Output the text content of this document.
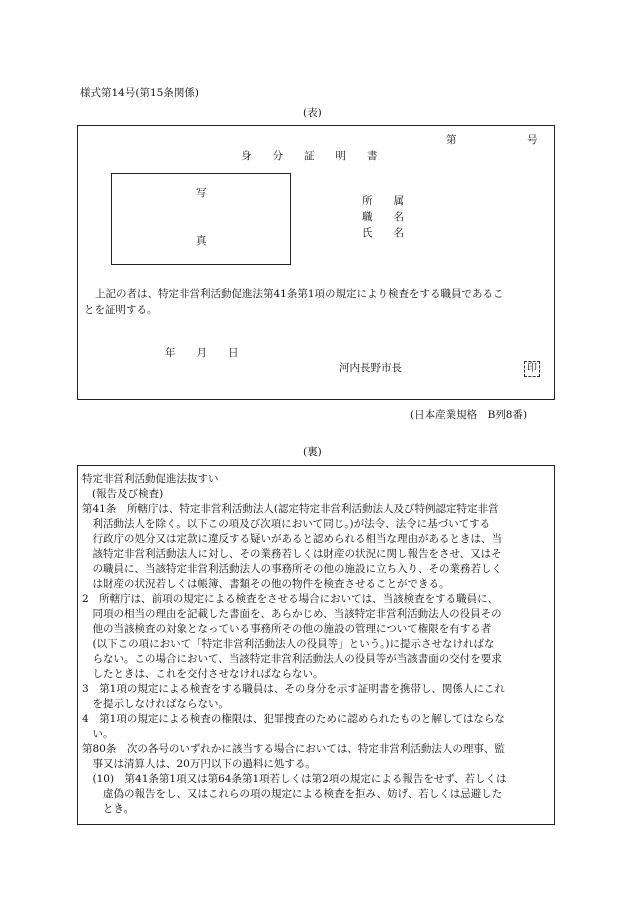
様式第14号(第15条関係)
(表)
第	号
身　　分　　証　　明　　書
写
真
所　　属
職　　名
氏　　名
上記の者は、特定非営利活動促進法第41条第1項の規定により検査をする職員であるこ
とを証明する。
年　　月　　日
河内長野市長	印
(日本産業規格　B列8番)
(裏)

特定非営利活動促進法抜すい

(報告及び検査)

第41条　所轄庁は、特定非営利活動法人(認定特定非営利活動法人及び特例認定特定非営

　利活動法人を除く。以下この項及び次項において同じ。)が法令、法令に基づいてする

　行政庁の処分又は定款に違反する疑いがあると認められる相当な理由があるときは、当

　該特定非営利活動法人に対し、その業務若しくは財産の状況に関し報告をさせ、又はそ

　の職員に、当該特定非営利活動法人の事務所その他の施設に立ち入り、その業務若しく

　は財産の状況若しくは帳簿、書類その他の物件を検査させることができる。

2　所轄庁は、前項の規定による検査をさせる場合においては、当該検査をする職員に、

　同項の相当の理由を記載した書面を、あらかじめ、当該特定非営利活動法人の役員その

　他の当該検査の対象となっている事務所その他の施設の管理について権限を有する者

　(以下この項において「特定非営利活動法人の役員等」という。)に提示させなければな

　らない。この場合において、当該特定非営利活動法人の役員等が当該書面の交付を要求

　したときは、これを交付させなければならない。

3　第1項の規定による検査をする職員は、その身分を示す証明書を携帯し、関係人にこれ

　を提示しなければならない。

4　第1項の規定による検査の権限は、犯罪捜査のために認められたものと解してはならな

　い。

第80条　次の各号のいずれかに該当する場合においては、特定非営利活動法人の理事、監

　事又は清算人は、20万円以下の過料に処する。

　(10)　第41条第1項又は第64条第1項若しくは第2項の規定による報告をせず、若しくは

　　虚偽の報告をし、又はこれらの項の規定による検査を拒み、妨げ、若しくは忌避した

　　とき。
